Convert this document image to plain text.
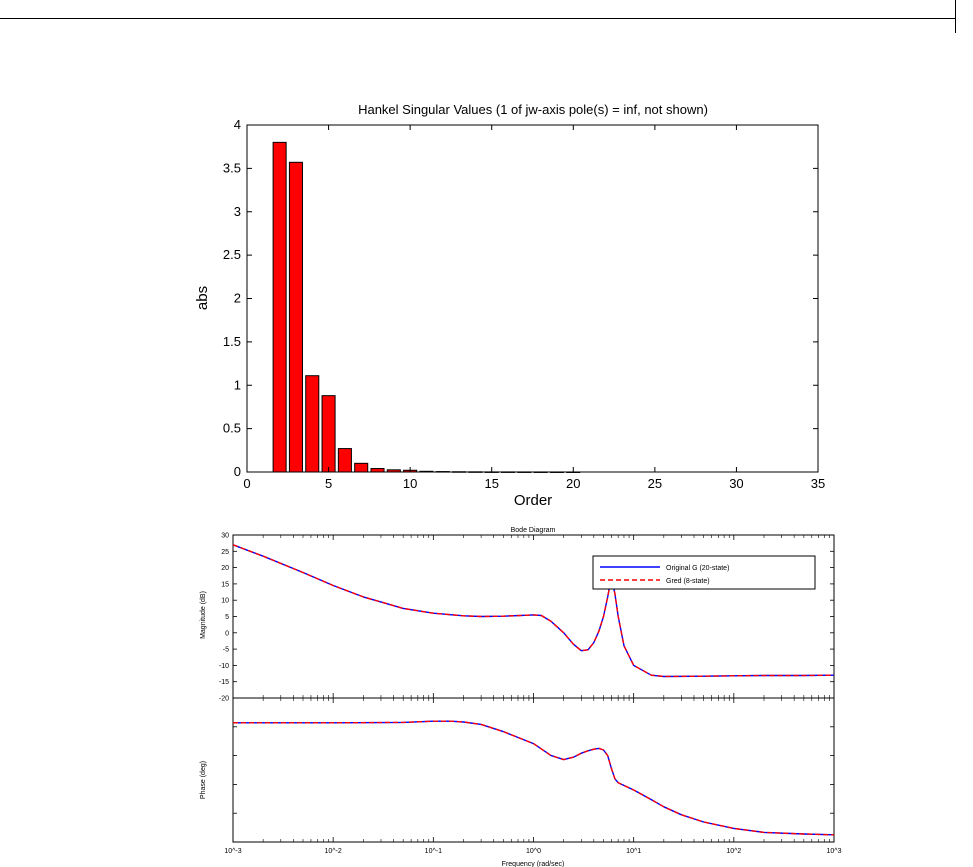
Hankel Singular Values (1 of jw-axis pole(s) = inf, not shown)
Order
abs
0	5	10	15	20	25	30	35
0
0.5
1
1.5
2
2.5
3
3.5
4
Bode Diagram
Frequency (rad/sec)
Magnitude (dB)
Phase (deg)
30
25
20
15
10
5
0
-5
-10
-15
-20
10^-3	10^-2	10^-1	10^0	10^1	10^2	10^3
Original G (20-state)
Gred (8-state)
